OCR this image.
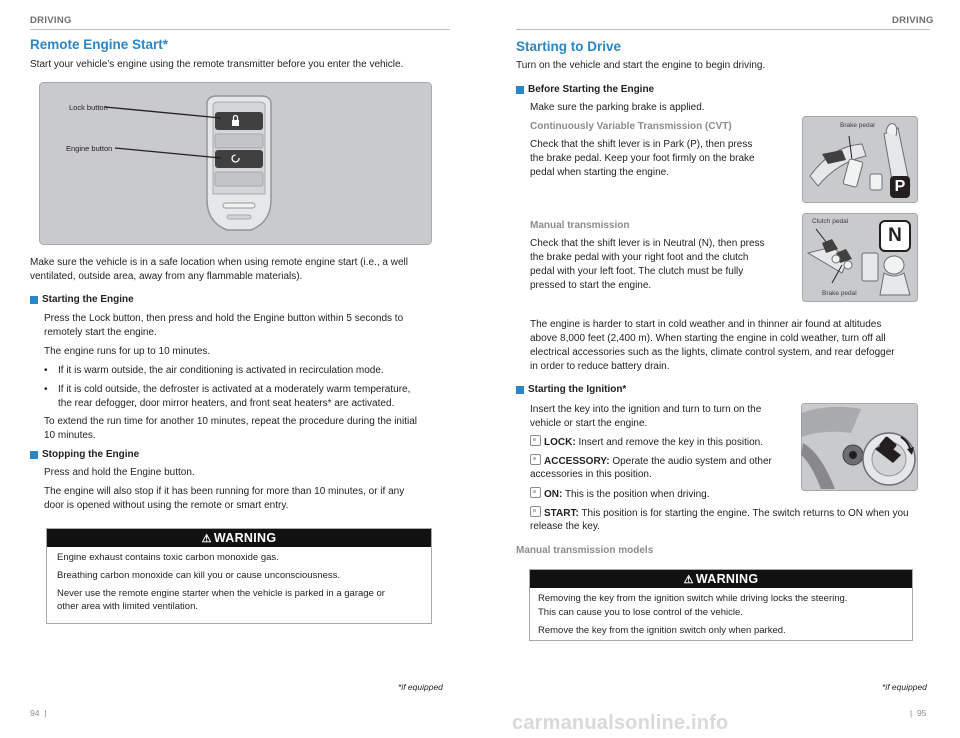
DRIVING
Remote Engine Start*
Start your vehicle’s engine using the remote transmitter before you enter the vehicle.
Lock button
Engine button
Make sure the vehicle is in a safe location when using remote engine start (i.e., a well
ventilated, outside area, away from any flammable materials).
Starting the Engine
Press the Lock button, then press and hold the Engine button within 5 seconds to
remotely start the engine.
The engine runs for up to 10 minutes.
• If it is warm outside, the air conditioning is activated in recirculation mode.
• If it is cold outside, the defroster is activated at a moderately warm temperature,
the rear defogger, door mirror heaters, and front seat heaters* are activated.
To extend the run time for another 10 minutes, repeat the procedure during the initial
10 minutes.
Stopping the Engine
Press and hold the Engine button.
The engine will also stop if it has been running for more than 10 minutes, or if any
door is opened without using the remote or smart entry.
⚠ WARNING
Engine exhaust contains toxic carbon monoxide gas.
Breathing carbon monoxide can kill you or cause unconsciousness.
Never use the remote engine starter when the vehicle is parked in a garage or
other area with limited ventilation.
*if equipped
94  |
DRIVING
Starting to Drive
Turn on the vehicle and start the engine to begin driving.
Before Starting the Engine
Make sure the parking brake is applied.
Continuously Variable Transmission (CVT)
Check that the shift lever is in Park (P), then press
the brake pedal. Keep your foot firmly on the brake
pedal when starting the engine.
Brake pedal
P
Manual transmission
Check that the shift lever is in Neutral (N), then press
the brake pedal with your right foot and the clutch
pedal with your left foot. The clutch must be fully
pressed to start the engine.
Clutch pedal
Brake pedal
N
The engine is harder to start in cold weather and in thinner air found at altitudes
above 8,000 feet (2,400 m). When starting the engine in cold weather, turn off all
electrical accessories such as the lights, climate control system, and rear defogger
in order to reduce battery drain.
Starting the Ignition*
Insert the key into the ignition and turn to turn on the
vehicle or start the engine.
LOCK: Insert and remove the key in this position.
ACCESSORY: Operate the audio system and other
accessories in this position.
ON: This is the position when driving.
START: This position is for starting the engine. The switch returns to ON when you
release the key.
Manual transmission models
⚠ WARNING
Removing the key from the ignition switch while driving locks the steering.
This can cause you to lose control of the vehicle.
Remove the key from the ignition switch only when parked.
*if equipped
|  95
carmanualsonline.info
